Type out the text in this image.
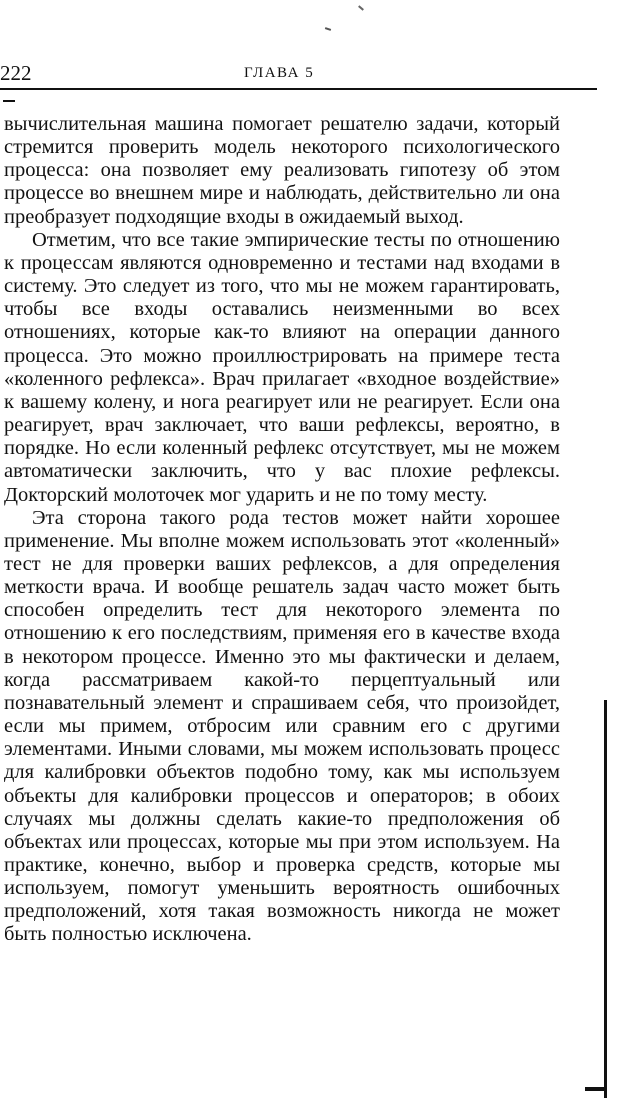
222	ГЛАВА 5

вычислительная машина помогает решателю задачи, который стремится проверить модель некоторого психологического процесса: она позволяет ему реализовать гипотезу об этом процессе во внешнем мире и наблюдать, действительно ли она преобразует подходящие входы в ожидаемый выход.

Отметим, что все такие эмпирические тесты по отношению к процессам являются одновременно и тестами над входами в систему. Это следует из того, что мы не можем гарантировать, чтобы все входы оставались неизменными во всех отношениях, которые как-то влияют на операции данного процесса. Это можно проиллюстрировать на примере теста «коленного рефлекса». Врач прилагает «входное воздействие» к вашему колену, и нога реагирует или не реагирует. Если она реагирует, врач заключает, что ваши рефлексы, вероятно, в порядке. Но если коленный рефлекс отсутствует, мы не можем автоматически заключить, что у вас плохие рефлексы. Докторский молоточек мог ударить и не по тому месту.

Эта сторона такого рода тестов может найти хорошее применение. Мы вполне можем использовать этот «коленный» тест не для проверки ваших рефлексов, а для определения меткости врача. И вообще решатель задач часто может быть способен определить тест для некоторого элемента по отношению к его последствиям, применяя его в качестве входа в некотором процессе. Именно это мы фактически и делаем, когда рассматриваем какой-то перцептуальный или познавательный элемент и спрашиваем себя, что произойдет, если мы примем, отбросим или сравним его с другими элементами. Иными словами, мы можем использовать процесс для калибровки объектов подобно тому, как мы используем объекты для калибровки процессов и операторов; в обоих случаях мы должны сделать какие-то предположения об объектах или процессах, которые мы при этом используем. На практике, конечно, выбор и проверка средств, которые мы используем, помогут уменьшить вероятность ошибочных предположений, хотя такая возможность никогда не может быть полностью исключена.
